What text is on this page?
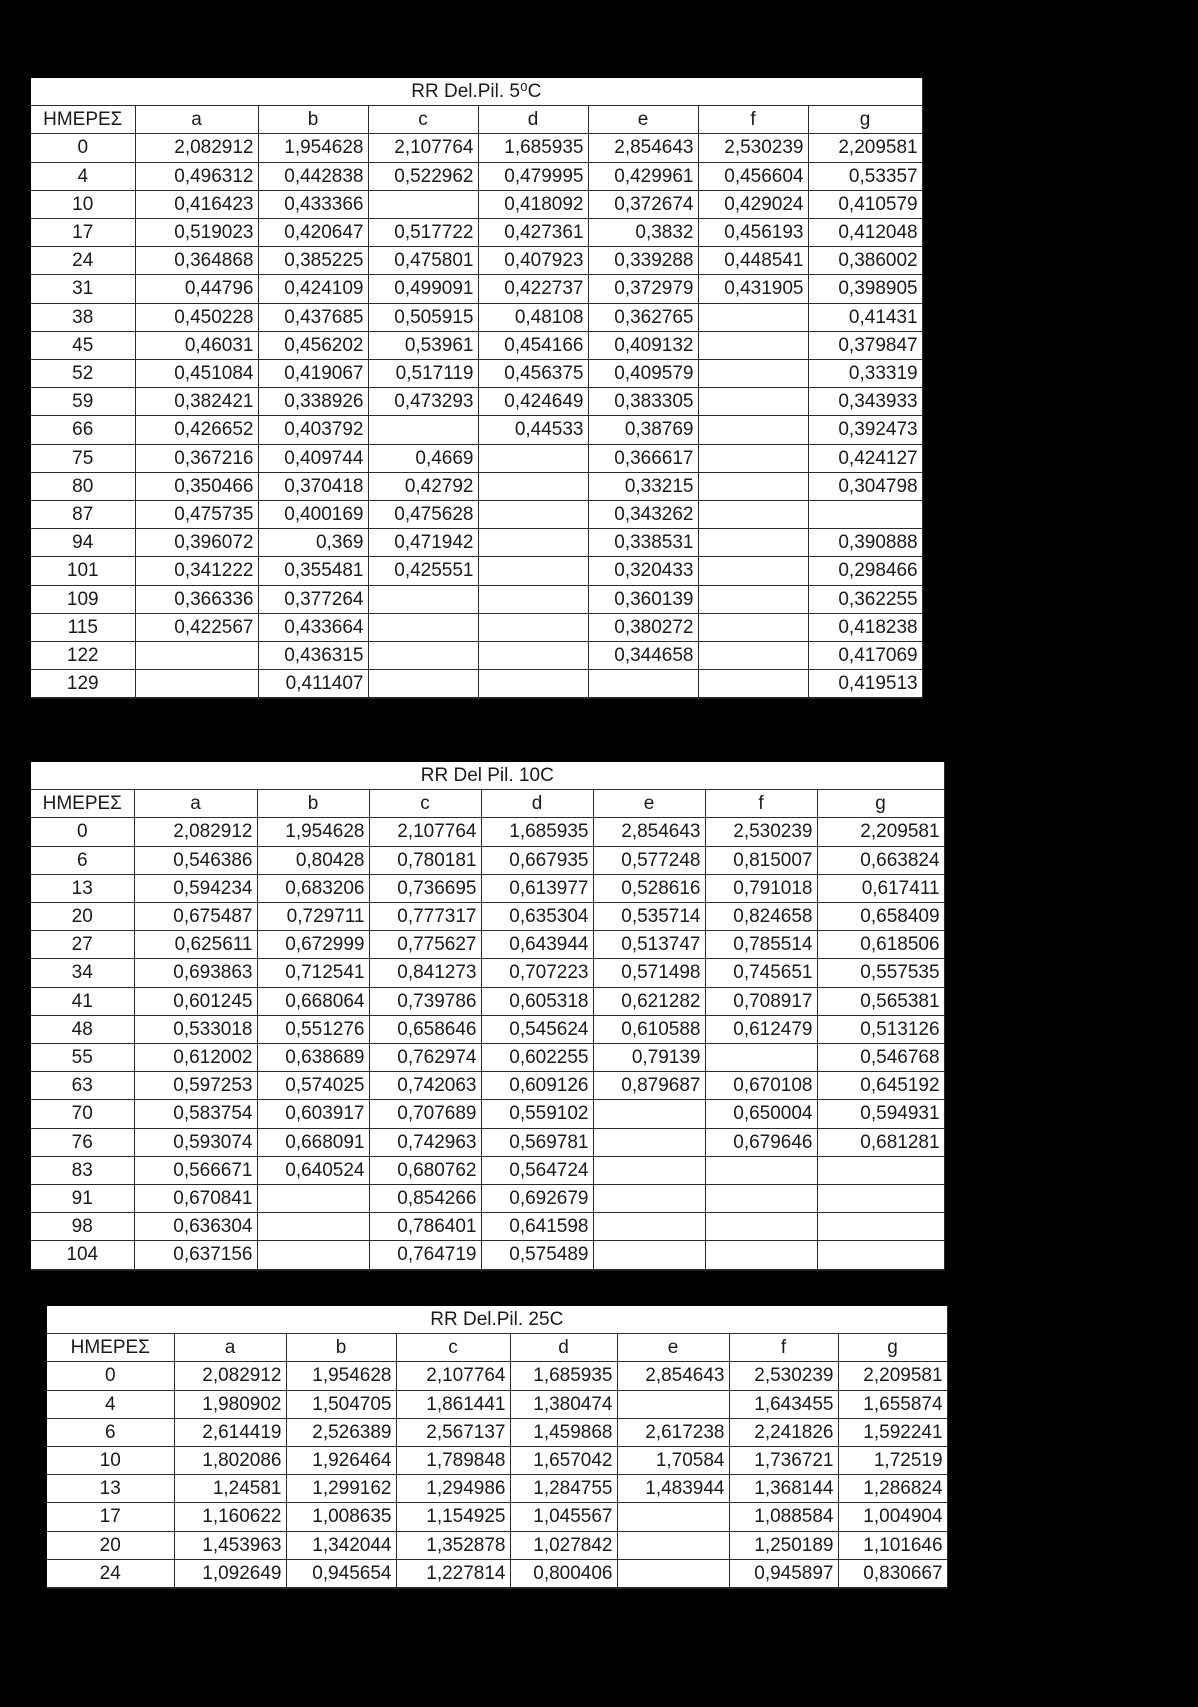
RR Del.Pil. 5⁰C							
ΗΜΕΡΕΣ	a	b	c	d	e	f	g
0	2,082912	1,954628	2,107764	1,685935	2,854643	2,530239	2,209581
4	0,496312	0,442838	0,522962	0,479995	0,429961	0,456604	0,53357
10	0,416423	0,433366		0,418092	0,372674	0,429024	0,410579
17	0,519023	0,420647	0,517722	0,427361	0,3832	0,456193	0,412048
24	0,364868	0,385225	0,475801	0,407923	0,339288	0,448541	0,386002
31	0,44796	0,424109	0,499091	0,422737	0,372979	0,431905	0,398905
38	0,450228	0,437685	0,505915	0,48108	0,362765		0,41431
45	0,46031	0,456202	0,53961	0,454166	0,409132		0,379847
52	0,451084	0,419067	0,517119	0,456375	0,409579		0,33319
59	0,382421	0,338926	0,473293	0,424649	0,383305		0,343933
66	0,426652	0,403792		0,44533	0,38769		0,392473
75	0,367216	0,409744	0,4669		0,366617		0,424127
80	0,350466	0,370418	0,42792		0,33215		0,304798
87	0,475735	0,400169	0,475628		0,343262		
94	0,396072	0,369	0,471942		0,338531		0,390888
101	0,341222	0,355481	0,425551		0,320433		0,298466
109	0,366336	0,377264			0,360139		0,362255
115	0,422567	0,433664			0,380272		0,418238
122		0,436315			0,344658		0,417069
129		0,411407					0,419513
RR Del Pil. 10C							
ΗΜΕΡΕΣ	a	b	c	d	e	f	g
0	2,082912	1,954628	2,107764	1,685935	2,854643	2,530239	2,209581
6	0,546386	0,80428	0,780181	0,667935	0,577248	0,815007	0,663824
13	0,594234	0,683206	0,736695	0,613977	0,528616	0,791018	0,617411
20	0,675487	0,729711	0,777317	0,635304	0,535714	0,824658	0,658409
27	0,625611	0,672999	0,775627	0,643944	0,513747	0,785514	0,618506
34	0,693863	0,712541	0,841273	0,707223	0,571498	0,745651	0,557535
41	0,601245	0,668064	0,739786	0,605318	0,621282	0,708917	0,565381
48	0,533018	0,551276	0,658646	0,545624	0,610588	0,612479	0,513126
55	0,612002	0,638689	0,762974	0,602255	0,79139		0,546768
63	0,597253	0,574025	0,742063	0,609126	0,879687	0,670108	0,645192
70	0,583754	0,603917	0,707689	0,559102		0,650004	0,594931
76	0,593074	0,668091	0,742963	0,569781		0,679646	0,681281
83	0,566671	0,640524	0,680762	0,564724			
91	0,670841		0,854266	0,692679			
98	0,636304		0,786401	0,641598			
104	0,637156		0,764719	0,575489			
RR Del.Pil. 25C							
ΗΜΕΡΕΣ	a	b	c	d	e	f	g
0	2,082912	1,954628	2,107764	1,685935	2,854643	2,530239	2,209581
4	1,980902	1,504705	1,861441	1,380474		1,643455	1,655874
6	2,614419	2,526389	2,567137	1,459868	2,617238	2,241826	1,592241
10	1,802086	1,926464	1,789848	1,657042	1,70584	1,736721	1,72519
13	1,24581	1,299162	1,294986	1,284755	1,483944	1,368144	1,286824
17	1,160622	1,008635	1,154925	1,045567		1,088584	1,004904
20	1,453963	1,342044	1,352878	1,027842		1,250189	1,101646
24	1,092649	0,945654	1,227814	0,800406		0,945897	0,830667
